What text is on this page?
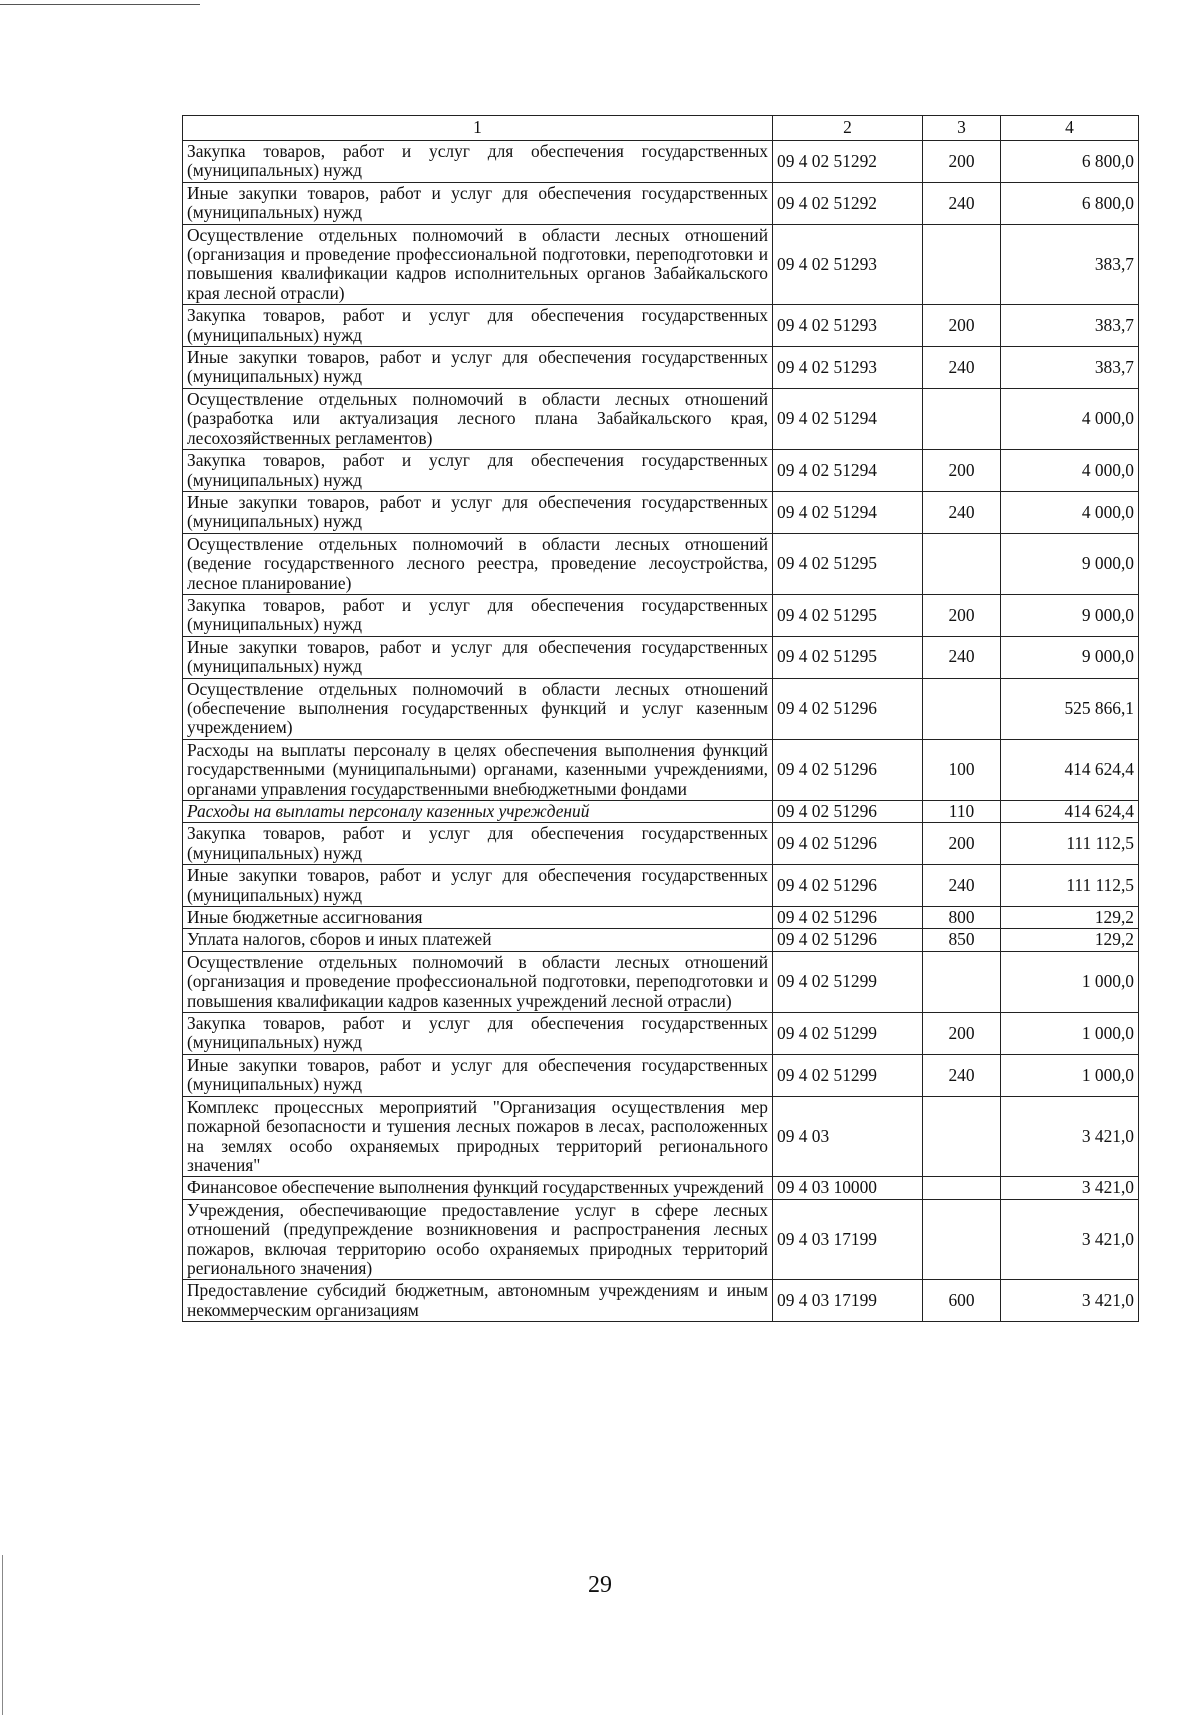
1	2	3	4
Закупка товаров, работ и услуг для обеспечения государственных (муниципальных) нужд	09 4 02 51292	200	6 800,0
Иные закупки товаров, работ и услуг для обеспечения государственных (муниципальных) нужд	09 4 02 51292	240	6 800,0
Осуществление отдельных полномочий в области лесных отношений (организация и проведение профессиональной подготовки, переподготовки и повышения квалификации кадров исполнительных органов Забайкальского края лесной отрасли)	09 4 02 51293		383,7
Закупка товаров, работ и услуг для обеспечения государственных (муниципальных) нужд	09 4 02 51293	200	383,7
Иные закупки товаров, работ и услуг для обеспечения государственных (муниципальных) нужд	09 4 02 51293	240	383,7
Осуществление отдельных полномочий в области лесных отношений (разработка или актуализация лесного плана Забайкальского края, лесохозяйственных регламентов)	09 4 02 51294		4 000,0
Закупка товаров, работ и услуг для обеспечения государственных (муниципальных) нужд	09 4 02 51294	200	4 000,0
Иные закупки товаров, работ и услуг для обеспечения государственных (муниципальных) нужд	09 4 02 51294	240	4 000,0
Осуществление отдельных полномочий в области лесных отношений (ведение государственного лесного реестра, проведение лесоустройства, лесное планирование)	09 4 02 51295		9 000,0
Закупка товаров, работ и услуг для обеспечения государственных (муниципальных) нужд	09 4 02 51295	200	9 000,0
Иные закупки товаров, работ и услуг для обеспечения государственных (муниципальных) нужд	09 4 02 51295	240	9 000,0
Осуществление отдельных полномочий в области лесных отношений (обеспечение выполнения государственных функций и услуг казенным учреждением)	09 4 02 51296		525 866,1
Расходы на выплаты персоналу в целях обеспечения выполнения функций государственными (муниципальными) органами, казенными учреждениями, органами управления государственными внебюджетными фондами	09 4 02 51296	100	414 624,4
Расходы на выплаты персоналу казенных учреждений	09 4 02 51296	110	414 624,4
Закупка товаров, работ и услуг для обеспечения государственных (муниципальных) нужд	09 4 02 51296	200	111 112,5
Иные закупки товаров, работ и услуг для обеспечения государственных (муниципальных) нужд	09 4 02 51296	240	111 112,5
Иные бюджетные ассигнования	09 4 02 51296	800	129,2
Уплата налогов, сборов и иных платежей	09 4 02 51296	850	129,2
Осуществление отдельных полномочий в области лесных отношений (организация и проведение профессиональной подготовки, переподготовки и повышения квалификации кадров казенных учреждений лесной отрасли)	09 4 02 51299		1 000,0
Закупка товаров, работ и услуг для обеспечения государственных (муниципальных) нужд	09 4 02 51299	200	1 000,0
Иные закупки товаров, работ и услуг для обеспечения государственных (муниципальных) нужд	09 4 02 51299	240	1 000,0
Комплекс процессных мероприятий "Организация осуществления мер пожарной безопасности и тушения лесных пожаров в лесах, расположенных на землях особо охраняемых природных территорий регионального значения"	09 4 03		3 421,0
Финансовое обеспечение выполнения функций государственных учреждений	09 4 03 10000		3 421,0
Учреждения, обеспечивающие предоставление услуг в сфере лесных отношений (предупреждение возникновения и распространения лесных пожаров, включая территорию особо охраняемых природных территорий регионального значения)	09 4 03 17199		3 421,0
Предоставление субсидий бюджетным, автономным учреждениям и иным некоммерческим организациям	09 4 03 17199	600	3 421,0
29
